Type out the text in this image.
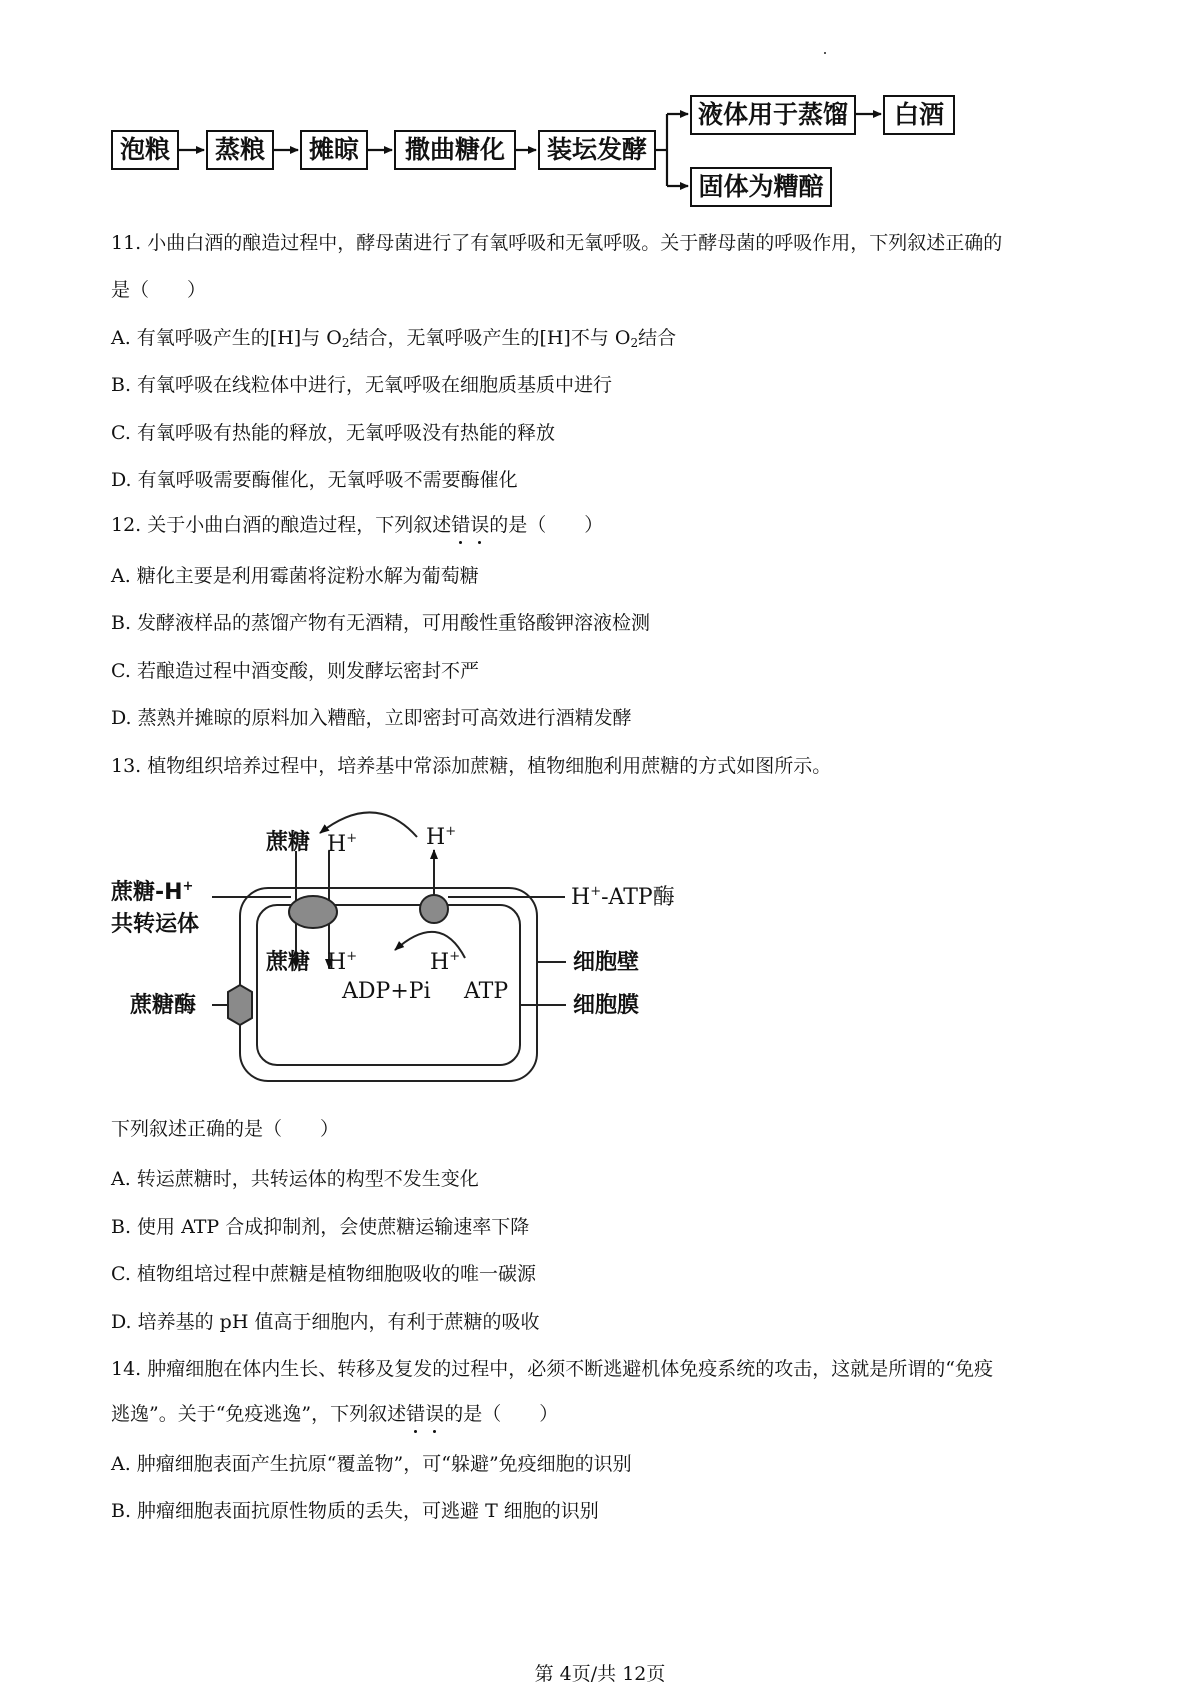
泡粮	蒸粮	摊晾	撒曲糖化	装坛发酵
液体用于蒸馏	白酒
固体为糟醅
11. 小曲白酒的酿造过程中，酵母菌进行了有氧呼吸和无氧呼吸。关于酵母菌的呼吸作用，下列叙述正确的
是（　　）
A. 有氧呼吸产生的[H]与 $O_2$结合，无氧呼吸产生的[H]不与 $O_2$结合
B. 有氧呼吸在线粒体中进行，无氧呼吸在细胞质基质中进行
C. 有氧呼吸有热能的释放，无氧呼吸没有热能的释放
D. 有氧呼吸需要酶催化，无氧呼吸不需要酶催化
12. 关于小曲白酒的酿造过程，下列叙述错误的是（　　）
A. 糖化主要是利用霉菌将淀粉水解为葡萄糖
B. 发酵液样品的蒸馏产物有无酒精，可用酸性重铬酸钾溶液检测
C. 若酿造过程中酒变酸，则发酵坛密封不严
D. 蒸熟并摊晾的原料加入糟醅，立即密封可高效进行酒精发酵
13. 植物组织培养过程中，培养基中常添加蔗糖，植物细胞利用蔗糖的方式如图所示。
蔗糖 H+	H+
蔗糖-H+
共转运体
H+-ATP酶
蔗糖 H+	H+
ADP+Pi ATP
细胞壁
细胞膜
蔗糖酶
下列叙述正确的是（　　）
A. 转运蔗糖时，共转运体的构型不发生变化
B. 使用 ATP 合成抑制剂，会使蔗糖运输速率下降
C. 植物组培过程中蔗糖是植物细胞吸收的唯一碳源
D. 培养基的 pH 值高于细胞内，有利于蔗糖的吸收
14. 肿瘤细胞在体内生长、转移及复发的过程中，必须不断逃避机体免疫系统的攻击，这就是所谓的“免疫
逃逸”。关于“免疫逃逸”，下列叙述错误的是（　　）
A. 肿瘤细胞表面产生抗原“覆盖物”，可“躲避”免疫细胞的识别
B. 肿瘤细胞表面抗原性物质的丢失，可逃避 T 细胞的识别
第 4页/共 12页
